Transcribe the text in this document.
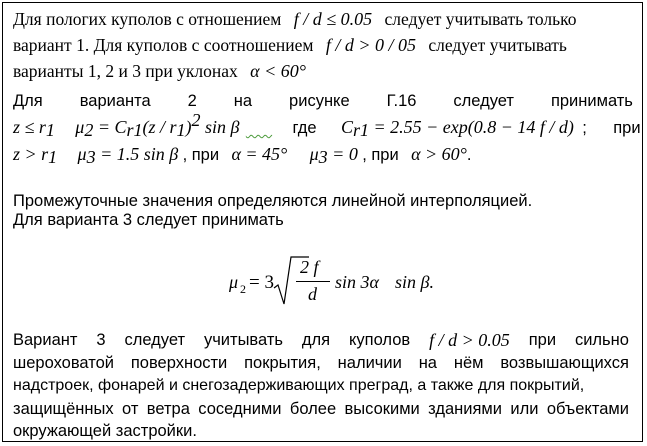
Для пологих куполов с отношением f / d ≤ 0.05 следует учитывать только
вариант 1. Для куполов с соотношением f / d > 0 / 05 следует учитывать
варианты 1, 2 и 3 при уклонах α < 60°
Для варианта 2 на рисунке Г.16 следует принимать
$z \le r_1$ $\mu_2 = C_{r1}(z / r_1)^2$ sin β	где $C_{r1} = 2.55 - \exp(0.8 - 14$ f / d) ; при
$z > r_1$ $\mu_3 = 1.5$ sin β , при α = 45° $\mu_3 = 0$ , при α > 60°.
Промежуточные значения определяются линейной интерполяцией.
Для варианта 3 следует принимать
μ 2 = 3
2 f
d
sin 3α sin β.
Вариант 3 следует учитывать для куполов f / d > 0.05 при сильно
шероховатой поверхности покрытия, наличии на нём возвышающихся
надстроек, фонарей и снегозадерживающих преград, а также для покрытий,
защищённых от ветра соседними более высокими зданиями или объектами
окружающей застройки.
